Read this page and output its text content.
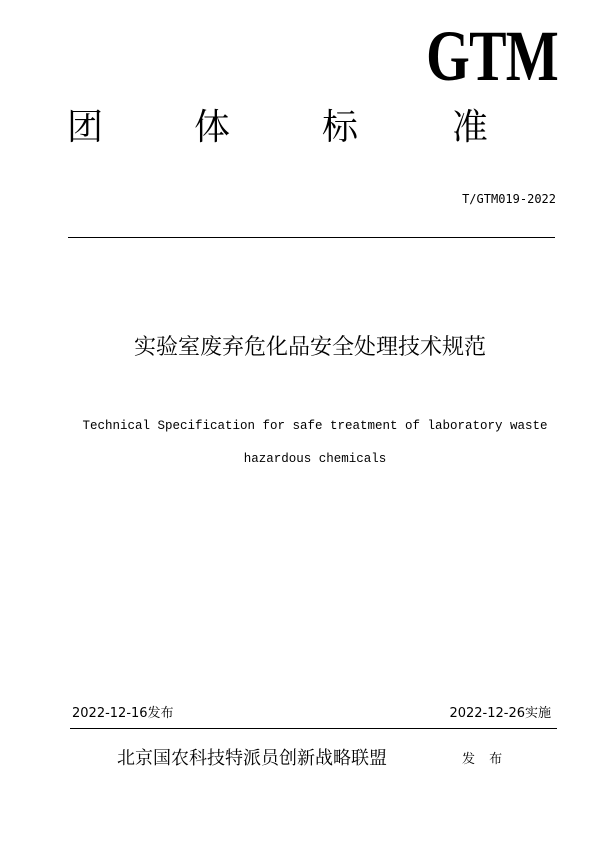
GTM
团	体	标	准
T/GTM019-2022
实验室废弃危化品安全处理技术规范
Technical Specification for safe treatment of laboratory waste
hazardous chemicals
2022-12-16发布	2022-12-26实施
北京国农科技特派员创新战略联盟	发 布
